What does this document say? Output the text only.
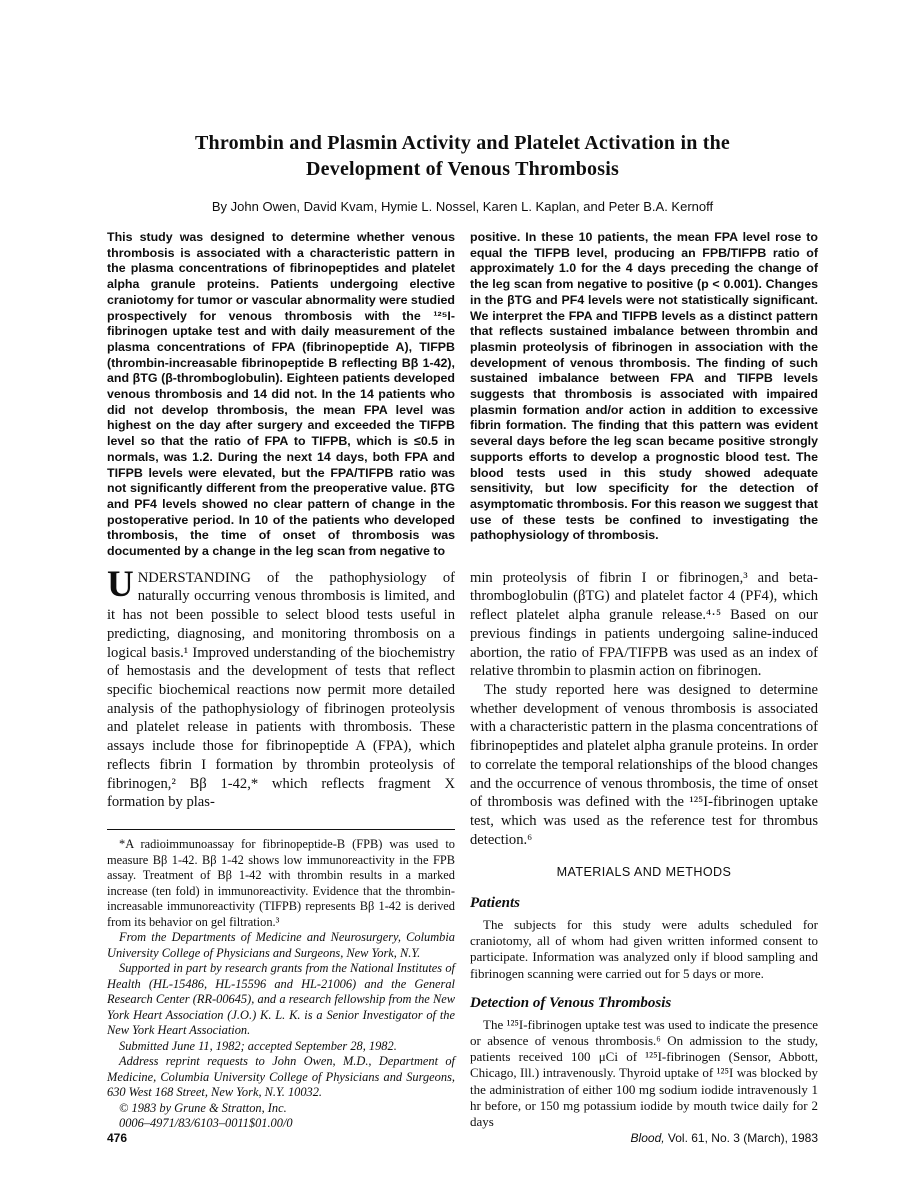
Thrombin and Plasmin Activity and Platelet Activation in the Development of Venous Thrombosis
By John Owen, David Kvam, Hymie L. Nossel, Karen L. Kaplan, and Peter B.A. Kernoff
This study was designed to determine whether venous thrombosis is associated with a characteristic pattern in the plasma concentrations of fibrinopeptides and platelet alpha granule proteins. Patients undergoing elective craniotomy for tumor or vascular abnormality were studied prospectively for venous thrombosis with the ¹²⁵I-fibrinogen uptake test and with daily measurement of the plasma concentrations of FPA (fibrinopeptide A), TIFPB (thrombin-increasable fibrinopeptide B reflecting Bβ 1-42), and βTG (β-thromboglobulin). Eighteen patients developed venous thrombosis and 14 did not. In the 14 patients who did not develop thrombosis, the mean FPA level was highest on the day after surgery and exceeded the TIFPB level so that the ratio of FPA to TIFPB, which is ≤0.5 in normals, was 1.2. During the next 14 days, both FPA and TIFPB levels were elevated, but the FPA/TIFPB ratio was not significantly different from the preoperative value. βTG and PF4 levels showed no clear pattern of change in the postoperative period. In 10 of the patients who developed thrombosis, the time of onset of thrombosis was documented by a change in the leg scan from negative to
positive. In these 10 patients, the mean FPA level rose to equal the TIFPB level, producing an FPB/TIFPB ratio of approximately 1.0 for the 4 days preceding the change of the leg scan from negative to positive (p < 0.001). Changes in the βTG and PF4 levels were not statistically significant. We interpret the FPA and TIFPB levels as a distinct pattern that reflects sustained imbalance between thrombin and plasmin proteolysis of fibrinogen in association with the development of venous thrombosis. The finding of such sustained imbalance between FPA and TIFPB levels suggests that thrombosis is associated with impaired plasmin formation and/or action in addition to excessive fibrin formation. The finding that this pattern was evident several days before the leg scan became positive strongly supports efforts to develop a prognostic blood test. The blood tests used in this study showed adequate sensitivity, but low specificity for the detection of asymptomatic thrombosis. For this reason we suggest that use of these tests be confined to investigating the pathophysiology of thrombosis.

UNDERSTANDING of the pathophysiology of naturally occurring venous thrombosis is limited, and it has not been possible to select blood tests useful in predicting, diagnosing, and monitoring thrombosis on a logical basis.¹ Improved understanding of the biochemistry of hemostasis and the development of tests that reflect specific biochemical reactions now permit more detailed analysis of the pathophysiology of fibrinogen proteolysis and platelet release in patients with thrombosis. These assays include those for fibrinopeptide A (FPA), which reflects fibrin I formation by thrombin proteolysis of fibrinogen,² Bβ 1-42,* which reflects fragment X formation by plas-

*A radioimmunoassay for fibrinopeptide-B (FPB) was used to measure Bβ 1-42. Bβ 1-42 shows low immunoreactivity in the FPB assay. Treatment of Bβ 1-42 with thrombin results in a marked increase (ten fold) in immunoreactivity. Evidence that the thrombin-increasable immunoreactivity (TIFPB) represents Bβ 1-42 is derived from its behavior on gel filtration.³

From the Departments of Medicine and Neurosurgery, Columbia University College of Physicians and Surgeons, New York, N.Y.

Supported in part by research grants from the National Institutes of Health (HL-15486, HL-15596 and HL-21006) and the General Research Center (RR-00645), and a research fellowship from the New York Heart Association (J.O.) K. L. K. is a Senior Investigator of the New York Heart Association.

Submitted June 11, 1982; accepted September 28, 1982.

Address reprint requests to John Owen, M.D., Department of Medicine, Columbia University College of Physicians and Surgeons, 630 West 168 Street, New York, N.Y. 10032.

© 1983 by Grune & Stratton, Inc.

0006–4971/83/6103–0011$01.00/0

min proteolysis of fibrin I or fibrinogen,³ and beta-thromboglobulin (βTG) and platelet factor 4 (PF4), which reflect platelet alpha granule release.⁴·⁵ Based on our previous findings in patients undergoing saline-induced abortion, the ratio of FPA/TIFPB was used as an index of relative thrombin to plasmin action on fibrinogen.

The study reported here was designed to determine whether development of venous thrombosis is associated with a characteristic pattern in the plasma concentrations of fibrinopeptides and platelet alpha granule proteins. In order to correlate the temporal relationships of the blood changes and the occurrence of venous thrombosis, the time of onset of thrombosis was defined with the ¹²⁵I-fibrinogen uptake test, which was used as the reference test for thrombus detection.⁶

MATERIALS AND METHODS
Patients

The subjects for this study were adults scheduled for craniotomy, all of whom had given written informed consent to participate. Information was analyzed only if blood sampling and fibrinogen scanning were carried out for 5 days or more.

Detection of Venous Thrombosis

The ¹²⁵I-fibrinogen uptake test was used to indicate the presence or absence of venous thrombosis.⁶ On admission to the study, patients received 100 μCi of ¹²⁵I-fibrinogen (Sensor, Abbott, Chicago, Ill.) intravenously. Thyroid uptake of ¹²⁵I was blocked by the administration of either 100 mg sodium iodide intravenously 1 hr before, or 150 mg potassium iodide by mouth twice daily for 2 days

476	Blood, Vol. 61, No. 3 (March), 1983
